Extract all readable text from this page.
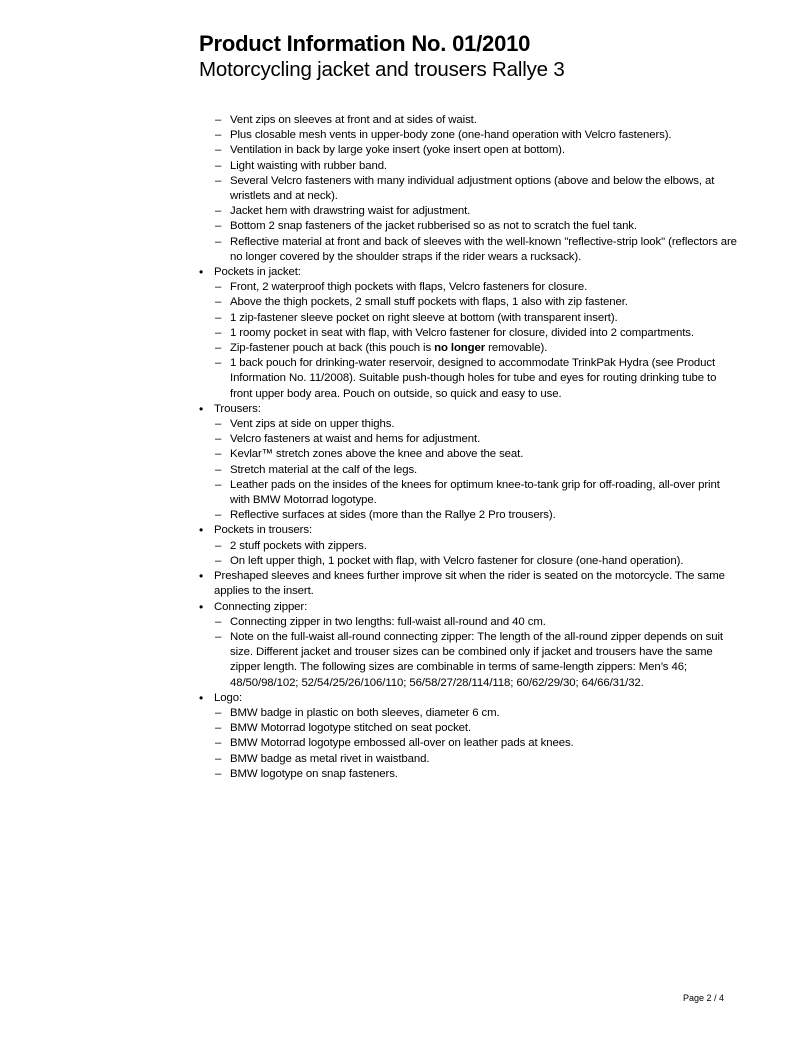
Product Information No. 01/2010
Motorcycling jacket and trousers Rallye 3
– Vent zips on sleeves at front and at sides of waist.
– Plus closable mesh vents in upper-body zone (one-hand operation with Velcro fasteners).
– Ventilation in back by large yoke insert (yoke insert open at bottom).
– Light waisting with rubber band.
– Several Velcro fasteners with many individual adjustment options (above and below the elbows, at wristlets and at neck).
– Jacket hem with drawstring waist for adjustment.
– Bottom 2 snap fasteners of the jacket rubberised so as not to scratch the fuel tank.
– Reflective material at front and back of sleeves with the well-known "reflective-strip look" (reflectors are no longer covered by the shoulder straps if the rider wears a rucksack).
• Pockets in jacket:
– Front, 2 waterproof thigh pockets with flaps, Velcro fasteners for closure.
– Above the thigh pockets, 2 small stuff pockets with flaps, 1 also with zip fastener.
– 1 zip-fastener sleeve pocket on right sleeve at bottom (with transparent insert).
– 1 roomy pocket in seat with flap, with Velcro fastener for closure, divided into 2 compartments.
– Zip-fastener pouch at back (this pouch is no longer removable).
– 1 back pouch for drinking-water reservoir, designed to accommodate TrinkPak Hydra (see Product Information No. 11/2008). Suitable push-though holes for tube and eyes for routing drinking tube to front upper body area. Pouch on outside, so quick and easy to use.
• Trousers:
– Vent zips at side on upper thighs.
– Velcro fasteners at waist and hems for adjustment.
– Kevlar™ stretch zones above the knee and above the seat.
– Stretch material at the calf of the legs.
– Leather pads on the insides of the knees for optimum knee-to-tank grip for off-roading, all-over print with BMW Motorrad logotype.
– Reflective surfaces at sides (more than the Rallye 2 Pro trousers).
• Pockets in trousers:
– 2 stuff pockets with zippers.
– On left upper thigh, 1 pocket with flap, with Velcro fastener for closure (one-hand operation).
• Preshaped sleeves and knees further improve sit when the rider is seated on the motorcycle. The same applies to the insert.
• Connecting zipper:
– Connecting zipper in two lengths: full-waist all-round and 40 cm.
– Note on the full-waist all-round connecting zipper: The length of the all-round zipper depends on suit size. Different jacket and trouser sizes can be combined only if jacket and trousers have the same zipper length. The following sizes are combinable in terms of same-length zippers: Men’s 46; 48/50/98/102; 52/54/25/26/106/110; 56/58/27/28/114/118; 60/62/29/30; 64/66/31/32.
• Logo:
– BMW badge in plastic on both sleeves, diameter 6 cm.
– BMW Motorrad logotype stitched on seat pocket.
– BMW Motorrad logotype embossed all-over on leather pads at knees.
– BMW badge as metal rivet in waistband.
– BMW logotype on snap fasteners.
Page 2 / 4
